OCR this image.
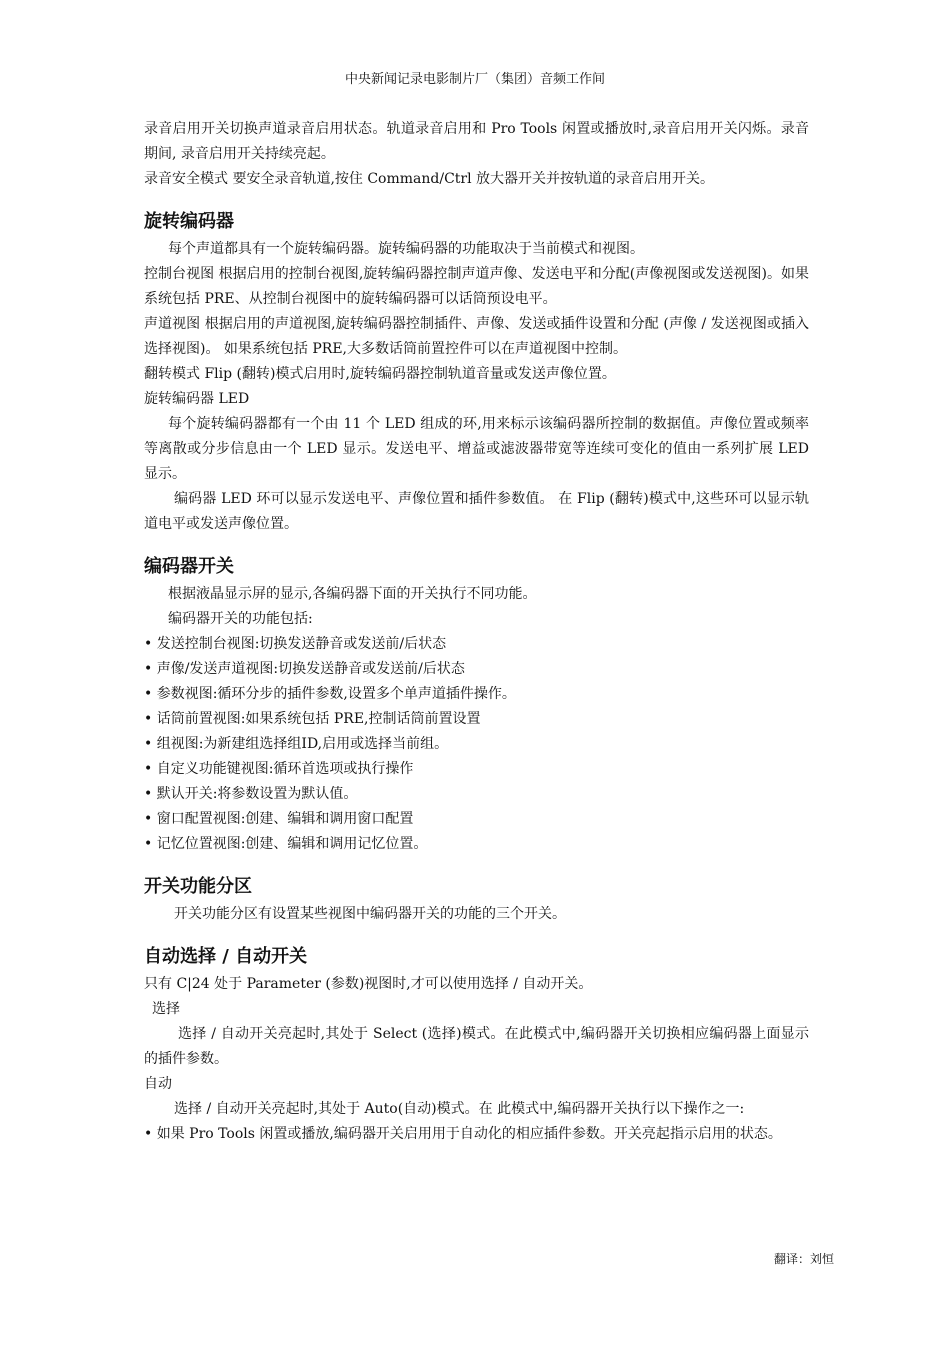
中央新闻记录电影制片厂（集团）音频工作间

录音启用开关切换声道录音启用状态。轨道录音启用和 Pro Tools 闲置或播放时,录音启用开关闪烁。录音期间, 录音启用开关持续亮起。

录音安全模式 要安全录音轨道,按住 Command/Ctrl 放大器开关并按轨道的录音启用开关。

旋转编码器

每个声道都具有一个旋转编码器。旋转编码器的功能取决于当前模式和视图。

控制台视图 根据启用的控制台视图,旋转编码器控制声道声像、发送电平和分配(声像视图或发送视图)。如果系统包括 PRE、从控制台视图中的旋转编码器可以话筒预设电平。

声道视图 根据启用的声道视图,旋转编码器控制插件、声像、发送或插件设置和分配 (声像 / 发送视图或插入选择视图)。 如果系统包括 PRE,大多数话筒前置控件可以在声道视图中控制。

翻转模式 Flip (翻转)模式启用时,旋转编码器控制轨道音量或发送声像位置。

旋转编码器 LED

每个旋转编码器都有一个由 11 个 LED 组成的环,用来标示该编码器所控制的数据值。声像位置或频率等离散或分步信息由一个 LED 显示。发送电平、增益或滤波器带宽等连续可变化的值由一系列扩展 LED 显示。

编码器 LED 环可以显示发送电平、声像位置和插件参数值。 在 Flip (翻转)模式中,这些环可以显示轨道电平或发送声像位置。

编码器开关

根据液晶显示屏的显示,各编码器下面的开关执行不同功能。

编码器开关的功能包括:

• 发送控制台视图:切换发送静音或发送前/后状态

• 声像/发送声道视图:切换发送静音或发送前/后状态

• 参数视图:循环分步的插件参数,设置多个单声道插件操作。

• 话筒前置视图:如果系统包括 PRE,控制话筒前置设置

• 组视图:为新建组选择组ID,启用或选择当前组。

• 自定义功能键视图:循环首选项或执行操作

• 默认开关:将参数设置为默认值。

• 窗口配置视图:创建、编辑和调用窗口配置

• 记忆位置视图:创建、编辑和调用记忆位置。

开关功能分区

开关功能分区有设置某些视图中编码器开关的功能的三个开关。

自动选择 / 自动开关

只有 C|24 处于 Parameter (参数)视图时,才可以使用选择 / 自动开关。

选择

选择 / 自动开关亮起时,其处于 Select (选择)模式。在此模式中,编码器开关切换相应编码器上面显示的插件参数。

自动

选择 / 自动开关亮起时,其处于 Auto(自动)模式。在 此模式中,编码器开关执行以下操作之一:

• 如果 Pro Tools 闲置或播放,编码器开关启用用于自动化的相应插件参数。开关亮起指示启用的状态。

翻译：刘恒
